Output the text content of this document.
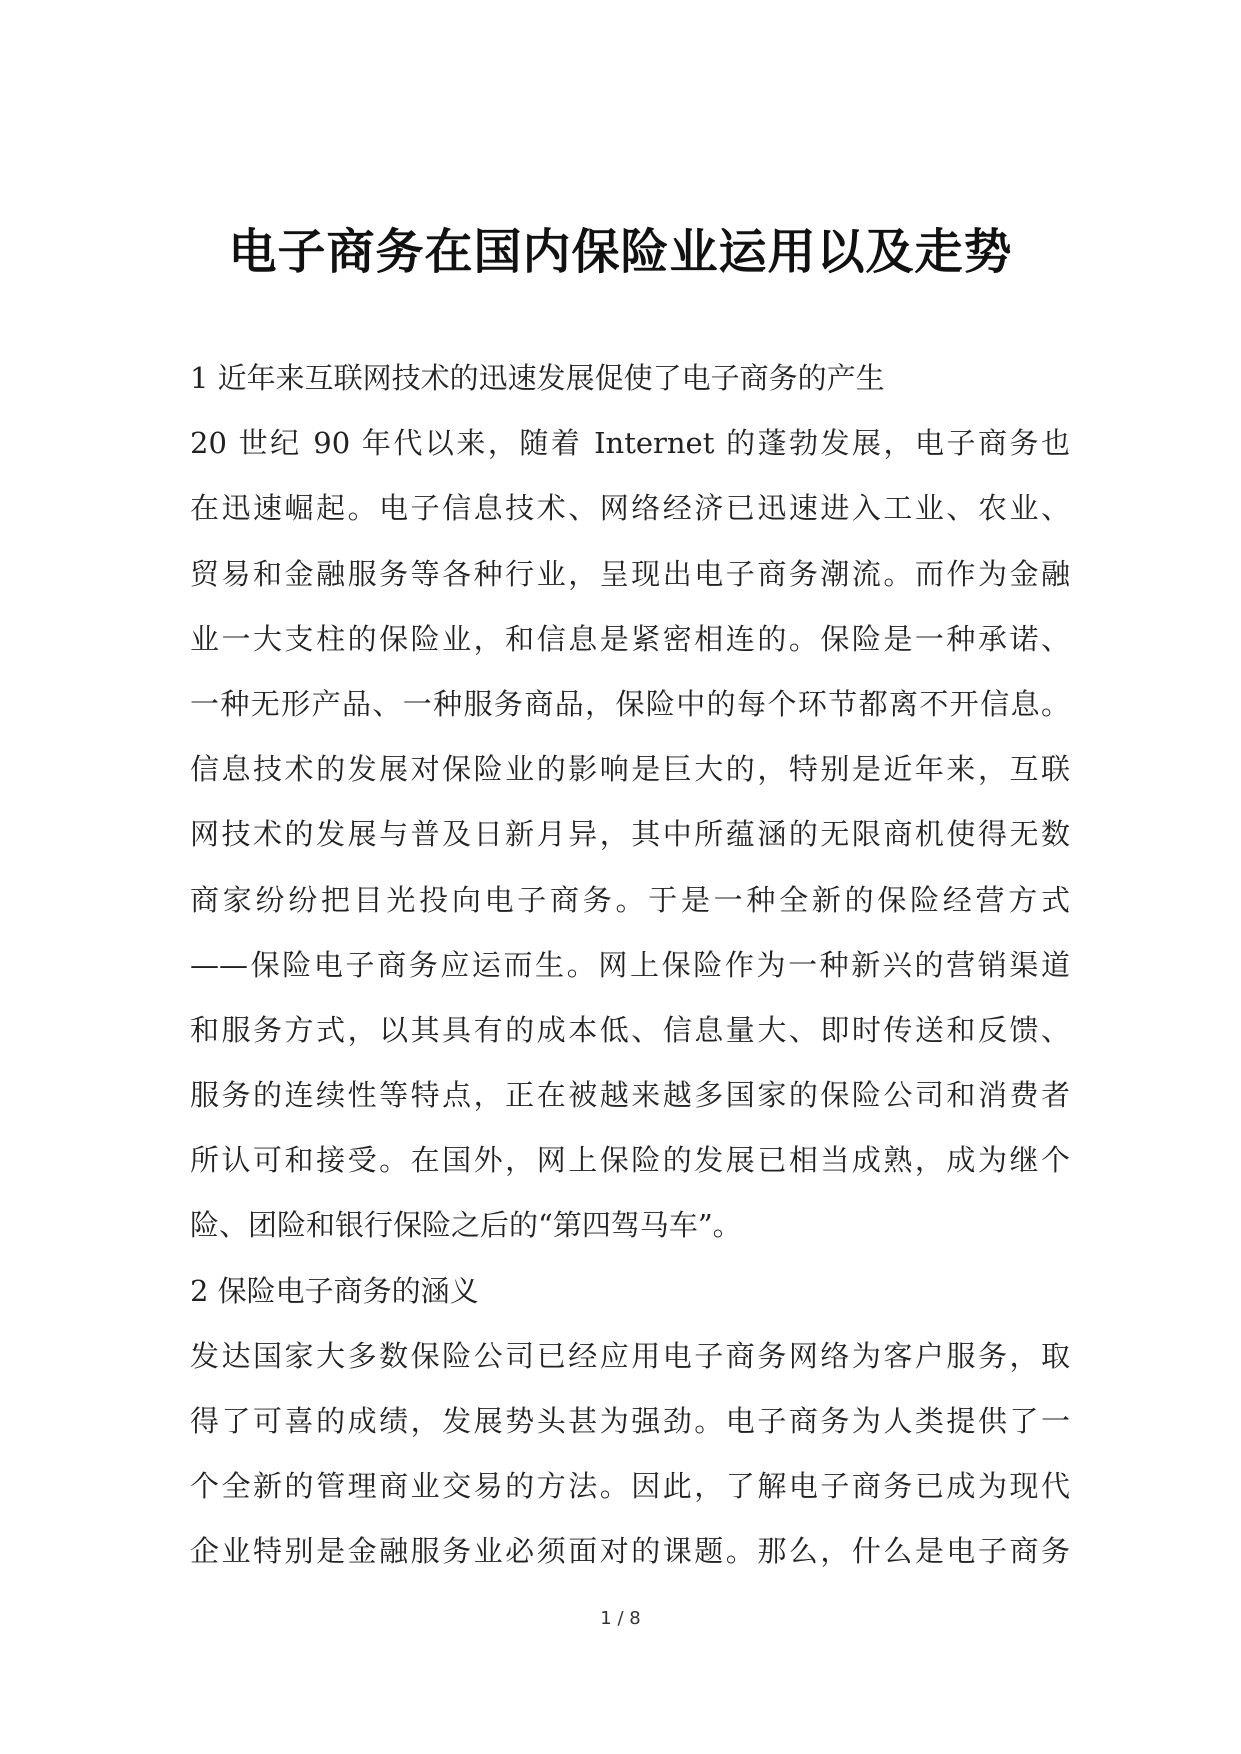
电子商务在国内保险业运用以及走势
1 近年来互联网技术的迅速发展促使了电子商务的产生
20 世纪 90 年代以来，随着 Internet 的蓬勃发展，电子商务也
在迅速崛起。电子信息技术、网络经济已迅速进入工业、农业、
贸易和金融服务等各种行业，呈现出电子商务潮流。而作为金融
业一大支柱的保险业，和信息是紧密相连的。保险是一种承诺、
一种无形产品、一种服务商品，保险中的每个环节都离不开信息。
信息技术的发展对保险业的影响是巨大的，特别是近年来，互联
网技术的发展与普及日新月异，其中所蕴涵的无限商机使得无数
商家纷纷把目光投向电子商务。于是一种全新的保险经营方式
——保险电子商务应运而生。网上保险作为一种新兴的营销渠道
和服务方式，以其具有的成本低、信息量大、即时传送和反馈、
服务的连续性等特点，正在被越来越多国家的保险公司和消费者
所认可和接受。在国外，网上保险的发展已相当成熟，成为继个
险、团险和银行保险之后的“第四驾马车”。
2 保险电子商务的涵义
发达国家大多数保险公司已经应用电子商务网络为客户服务，取
得了可喜的成绩，发展势头甚为强劲。电子商务为人类提供了一
个全新的管理商业交易的方法。因此，了解电子商务已成为现代
企业特别是金融服务业必须面对的课题。那么，什么是电子商务
1 / 8
